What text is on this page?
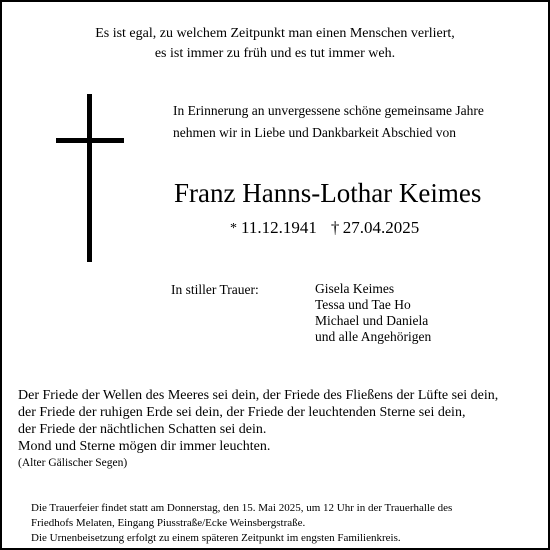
Es ist egal, zu welchem Zeitpunkt man einen Menschen verliert,
es ist immer zu früh und es tut immer weh.
In Erinnerung an unvergessene schöne gemeinsame Jahre
nehmen wir in Liebe und Dankbarkeit Abschied von
Franz Hanns-Lothar Keimes
* 11.12.1941 †  27.04.2025
In stiller Trauer:	Gisela Keimes
Tessa und Tae Ho
Michael und Daniela
und alle Angehörigen
Der Friede der Wellen des Meeres sei dein, der Friede des Fließens der Lüfte sei dein,
der Friede der ruhigen Erde sei dein, der Friede der leuchtenden Sterne sei dein,
der Friede der nächtlichen Schatten sei dein.
Mond und Sterne mögen dir immer leuchten.
(Alter Gälischer Segen)
Die Trauerfeier findet statt am Donnerstag, den 15. Mai 2025, um 12 Uhr in der Trauerhalle des
Friedhofs Melaten, Eingang Piusstraße/Ecke Weinsbergstraße.
Die Urnenbeisetzung erfolgt zu einem späteren Zeitpunkt im engsten Familienkreis.
